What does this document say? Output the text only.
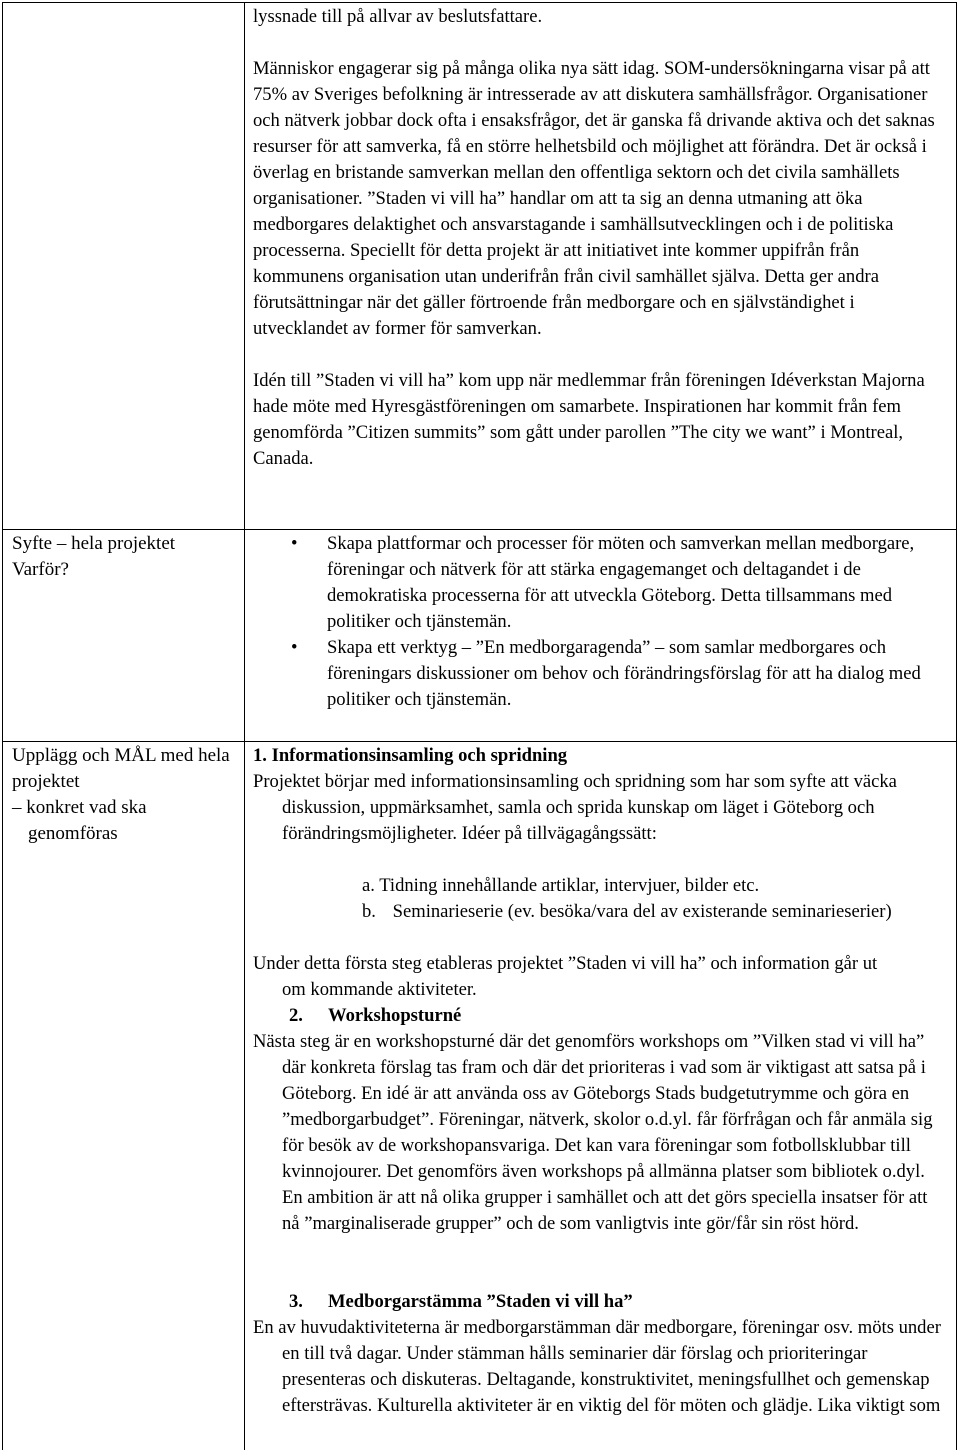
Syfte – hela projektet Varför?
Upplägg och MÅL med hela projektet
– konkret vad ska genomföras

lyssnade till på allvar av beslutsfattare.

Människor engagerar sig på många olika nya sätt idag. SOM-undersökningarna visar på att 75% av Sveriges befolkning är intresserade av att diskutera samhällsfrågor. Organisationer och nätverk jobbar dock ofta i ensaksfrågor, det är ganska få drivande aktiva och det saknas resurser för att samverka, få en större helhetsbild och möjlighet att förändra. Det är också i överlag en bristande samverkan mellan den offentliga sektorn och det civila samhällets organisationer. ”Staden vi vill ha” handlar om att ta sig an denna utmaning att öka medborgares delaktighet och ansvarstagande i samhällsutvecklingen och i de politiska processerna. Speciellt för detta projekt är att initiativet inte kommer uppifrån från kommunens organisation utan underifrån från civil samhället själva. Detta ger andra förutsättningar när det gäller förtroende från medborgare och en självständighet i utvecklandet av former för samverkan.

Idén till ”Staden vi vill ha” kom upp när medlemmar från föreningen Idéverkstan Majorna hade möte med Hyresgästföreningen om samarbete. Inspirationen har kommit från fem genomförda ”Citizen summits” som gått under parollen ”The city we want” i Montreal, Canada.

• Skapa plattformar och processer för möten och samverkan mellan medborgare, föreningar och nätverk för att stärka engagemanget och deltagandet i de demokratiska processerna för att utveckla Göteborg. Detta tillsammans med politiker och tjänstemän.

• Skapa ett verktyg – ”En medborgaragenda” – som samlar medborgares och föreningars diskussioner om behov och förändringsförslag för att ha dialog med politiker och tjänstemän.

1. Informationsinsamling och spridning

Projektet börjar med informationsinsamling och spridning som har som syfte att väcka diskussion, uppmärksamhet, samla och sprida kunskap om läget i Göteborg och förändringsmöjligheter. Idéer på tillvägagångssätt:

a. Tidning innehållande artiklar, intervjuer, bilder etc.
b. Seminarieserie (ev. besöka/vara del av existerande seminarieserier)

Under detta första steg etableras projektet ”Staden vi vill ha” och information går ut om kommande aktiviteter.

2. Workshopsturné

Nästa steg är en workshopsturné där det genomförs workshops om ”Vilken stad vi vill ha” där konkreta förslag tas fram och där det prioriteras i vad som är viktigast att satsa på i Göteborg. En idé är att använda oss av Göteborgs Stads budgetutrymme och göra en ”medborgarbudget”. Föreningar, nätverk, skolor o.d.yl. får förfrågan och får anmäla sig för besök av de workshopansvariga. Det kan vara föreningar som fotbollsklubbar till kvinnojourer. Det genomförs även workshops på allmänna platser som bibliotek o.dyl. En ambition är att nå olika grupper i samhället och att det görs speciella insatser för att nå ”marginaliserade grupper” och de som vanligtvis inte gör/får sin röst hörd.

3. Medborgarstämma ”Staden vi vill ha”

En av huvudaktiviteterna är medborgarstämman där medborgare, föreningar osv. möts under en till två dagar. Under stämman hålls seminarier där förslag och prioriteringar presenteras och diskuteras. Deltagande, konstruktivitet, meningsfullhet och gemenskap eftersträvas. Kulturella aktiviteter är en viktig del för möten och glädje. Lika viktigt som
